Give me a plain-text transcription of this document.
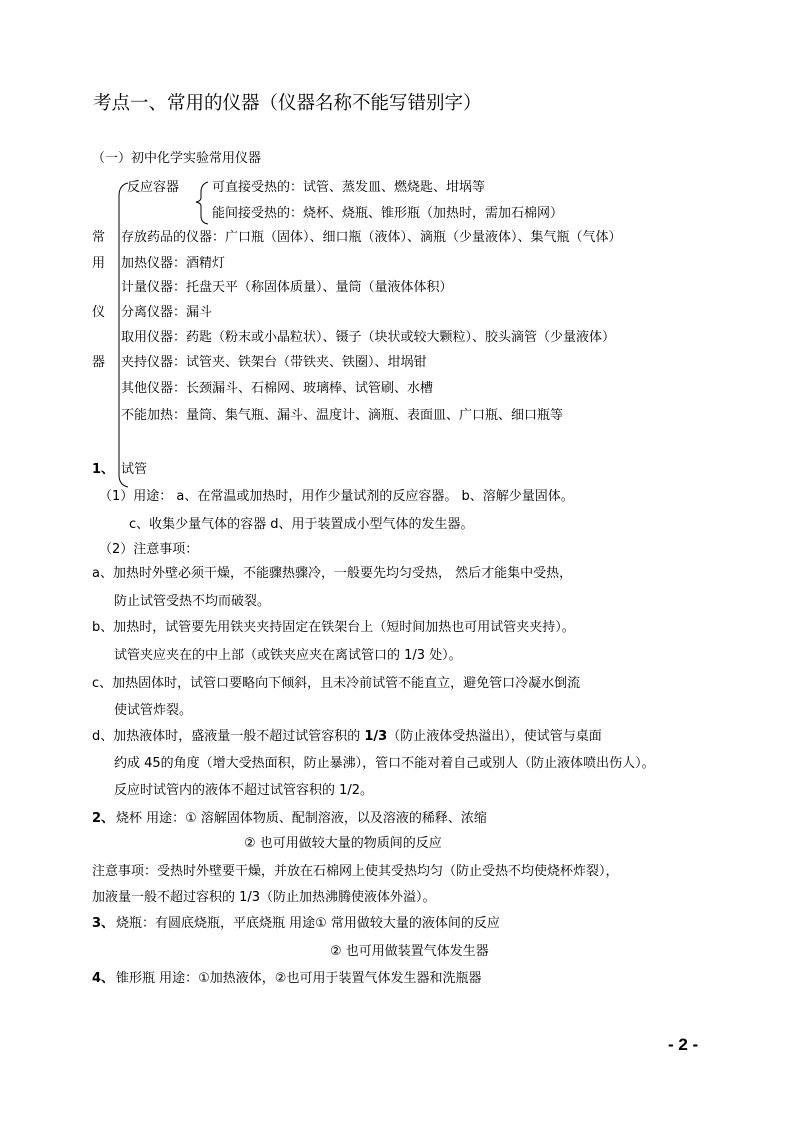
考点一、常用的仪器（仪器名称不能写错别字）
（一）初中化学实验常用仪器
常
用
仪
器
反应容器	可直接受热的：试管、蒸发皿、燃烧匙、坩埚等
能间接受热的：烧杯、烧瓶、锥形瓶（加热时，需加石棉网）
存放药品的仪器：广口瓶（固体）、细口瓶（液体）、滴瓶（少量液体）、集气瓶（气体）
加热仪器：酒精灯
计量仪器：托盘天平（称固体质量）、量筒（量液体体积）
分离仪器：漏斗
取用仪器：药匙（粉末或小晶粒状）、镊子（块状或较大颗粒）、胶头滴管（少量液体）
夹持仪器：试管夹、铁架台（带铁夹、铁圈）、坩埚钳
其他仪器：长颈漏斗、石棉网、玻璃棒、试管刷、水槽
不能加热：量筒、集气瓶、漏斗、温度计、滴瓶、表面皿、广口瓶、细口瓶等
1、 试管
（1）用途： a、在常温或加热时，用作少量试剂的反应容器。 b、溶解少量固体。
c、收集少量气体的容器 d、用于装置成小型气体的发生器。
（2）注意事项：
a、加热时外壁必须干燥，不能骤热骤冷，一般要先均匀受热， 然后才能集中受热，
防止试管受热不均而破裂。
b、加热时，试管要先用铁夹夹持固定在铁架台上（短时间加热也可用试管夹夹持）。
试管夹应夹在的中上部（或铁夹应夹在离试管口的 1/3 处）。
c、加热固体时，试管口要略向下倾斜，且未冷前试管不能直立，避免管口冷凝水倒流
使试管炸裂。
d、加热液体时，盛液量一般不超过试管容积的 1/3（防止液体受热溢出），使试管与桌面
约成 45的角度（增大受热面积，防止暴沸），管口不能对着自己或别人（防止液体喷出伤人）。
反应时试管内的液体不超过试管容积的 1/2。
2、 烧杯 用途：① 溶解固体物质、配制溶液，以及溶液的稀释、浓缩
② 也可用做较大量的物质间的反应
注意事项：受热时外壁要干燥，并放在石棉网上使其受热均匀（防止受热不均使烧杯炸裂），
加液量一般不超过容积的 1/3（防止加热沸腾使液体外溢）。
3、 烧瓶：有圆底烧瓶，平底烧瓶 用途① 常用做较大量的液体间的反应
② 也可用做装置气体发生器
4、 锥形瓶 用途：①加热液体，②也可用于装置气体发生器和洗瓶器
- 2 -
